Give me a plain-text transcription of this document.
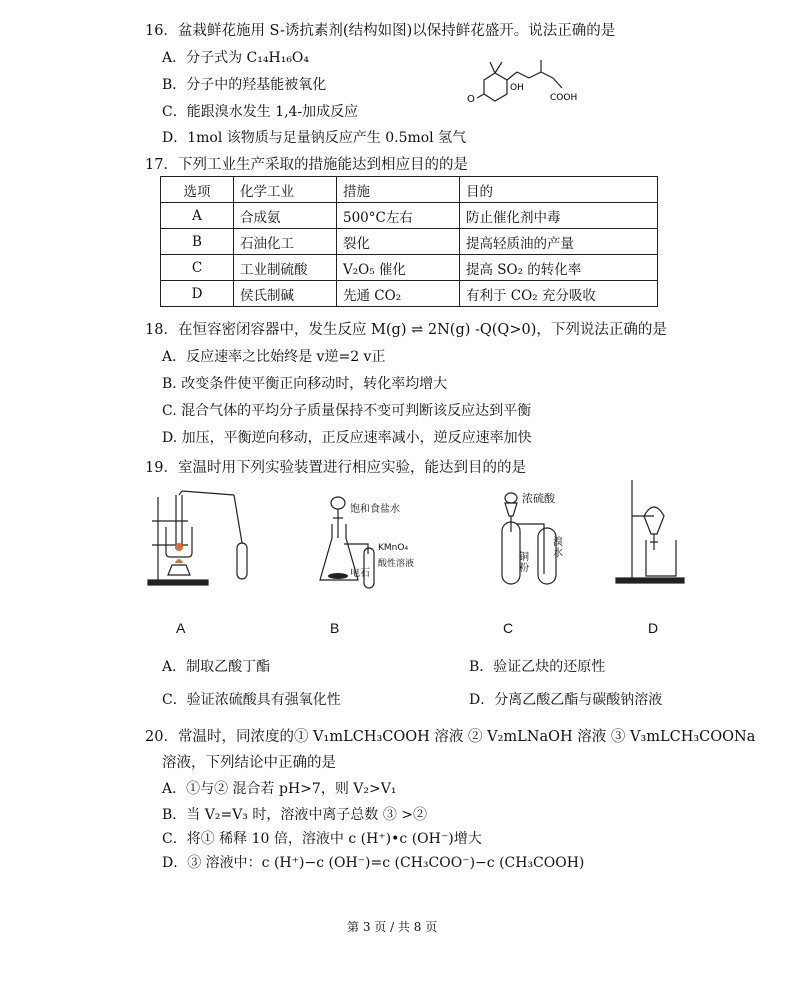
16．盆栽鲜花施用 S-诱抗素剂(结构如图)以保持鲜花盛开。说法正确的是
A．分子式为 C₁₄H₁₆O₄
B．分子中的羟基能被氧化
C．能跟溴水发生 1,4-加成反应
D．1mol 该物质与足量钠反应产生 0.5mol 氢气
O
OH
COOH
17．下列工业生产采取的措施能达到相应目的的是
选项	化学工业	措施	目的
A	合成氨	500°C左右	防止催化剂中毒
B	石油化工	裂化	提高轻质油的产量
C	工业制硫酸	V₂O₅ 催化	提高 SO₂ 的转化率
D	侯氏制碱	先通 CO₂	有利于 CO₂ 充分吸收
18．在恒容密闭容器中，发生反应 M(g) ⇌ 2N(g) -Q(Q>0)，下列说法正确的是
A．反应速率之比始终是 v逆=2 v正
B. 改变条件使平衡正向移动时，转化率均增大
C. 混合气体的平均分子质量保持不变可判断该反应达到平衡
D. 加压，平衡逆向移动，正反应速率减小，逆反应速率加快
19．室温时用下列实验装置进行相应实验，能达到目的的是
A
饱和食盐水
电石
KMnO₄
酸性溶液
B
浓硫酸
铜粉
溴水
C	D
A．制取乙酸丁酯	B．验证乙炔的还原性
C．验证浓硫酸具有强氧化性	D．分离乙酸乙酯与碳酸钠溶液
20．常温时，同浓度的① V₁mLCH₃COOH 溶液 ② V₂mLNaOH 溶液 ③ V₃mLCH₃COONa
溶液，下列结论中正确的是
A．①与② 混合若 pH>7，则 V₂>V₁
B．当 V₂=V₃ 时，溶液中离子总数 ③ >②
C．将① 稀释 10 倍，溶液中 c (H⁺)•c (OH⁻)增大
D．③ 溶液中：c (H⁺)−c (OH⁻)=c (CH₃COO⁻)−c (CH₃COOH)
第 3 页 / 共 8 页
